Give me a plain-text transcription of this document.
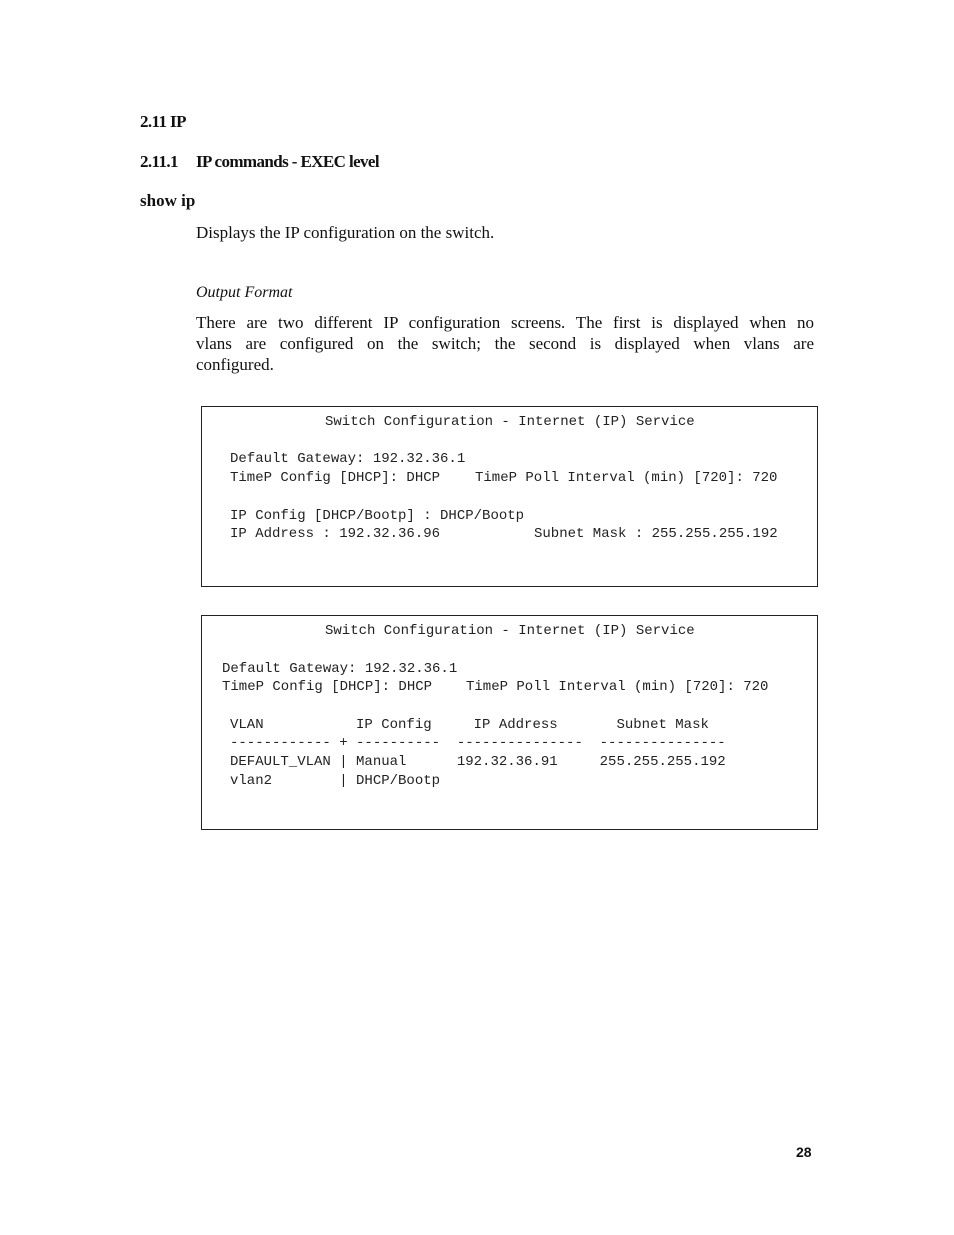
2.11 IP
2.11.1 IP commands - EXEC level
show ip
Displays the IP configuration on the switch.
Output Format

There are two different IP configuration screens. The first is displayed when no
vlans are configured on the switch; the second is displayed when vlans are
configured.

Switch Configuration - Internet (IP) Service
Default Gateway: 192.32.36.1
TimeP Config [DHCP]: DHCP TimeP Poll Interval (min) [720]: 720
IP Config [DHCP/Bootp] : DHCP/Bootp
IP Address : 192.32.36.96	Subnet Mask : 255.255.255.192
Switch Configuration - Internet (IP) Service
Default Gateway: 192.32.36.1
TimeP Config [DHCP]: DHCP TimeP Poll Interval (min) [720]: 720
VLAN           IP Config     IP Address       Subnet Mask
------------ + ----------  ---------------  ---------------
DEFAULT_VLAN | Manual      192.32.36.91     255.255.255.192
vlan2        | DHCP/Bootp
28
